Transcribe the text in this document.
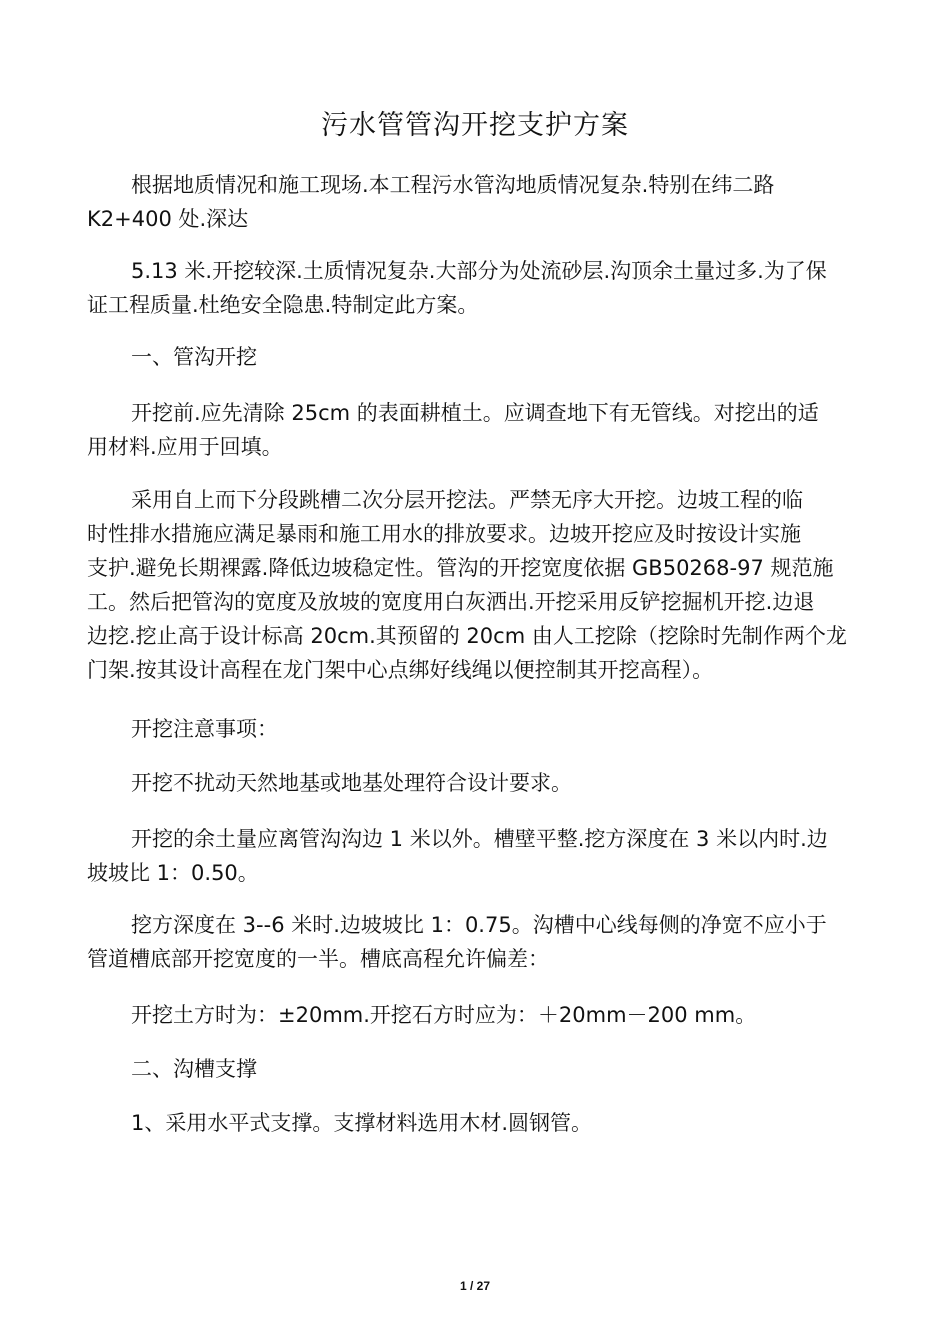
污水管管沟开挖支护方案

根据地质情况和施工现场.本工程污水管沟地质情况复杂.特别在纬二路
K2+400 处.深达

5.13 米.开挖较深.土质情况复杂.大部分为处流砂层.沟顶余土量过多.为了保
证工程质量.杜绝安全隐患.特制定此方案。

一、管沟开挖

开挖前.应先清除 25cm 的表面耕植土。应调查地下有无管线。对挖出的适
用材料.应用于回填。

采用自上而下分段跳槽二次分层开挖法。严禁无序大开挖。边坡工程的临
时性排水措施应满足暴雨和施工用水的排放要求。边坡开挖应及时按设计实施
支护.避免长期裸露.降低边坡稳定性。管沟的开挖宽度依据 GB50268-97 规范施
工。然后把管沟的宽度及放坡的宽度用白灰洒出.开挖采用反铲挖掘机开挖.边退
边挖.挖止高于设计标高 20cm.其预留的 20cm 由人工挖除（挖除时先制作两个龙
门架.按其设计高程在龙门架中心点绑好线绳以便控制其开挖高程）。

开挖注意事项：

开挖不扰动天然地基或地基处理符合设计要求。

开挖的余土量应离管沟沟边 1 米以外。槽壁平整.挖方深度在 3 米以内时.边
坡坡比 1：0.50。

挖方深度在 3--6 米时.边坡坡比 1：0.75。沟槽中心线每侧的净宽不应小于
管道槽底部开挖宽度的一半。槽底高程允许偏差：

开挖土方时为：±20mm.开挖石方时应为：＋20mm－200 mm。

二、沟槽支撑

1、采用水平式支撑。支撑材料选用木材.圆钢管。

1 / 27
